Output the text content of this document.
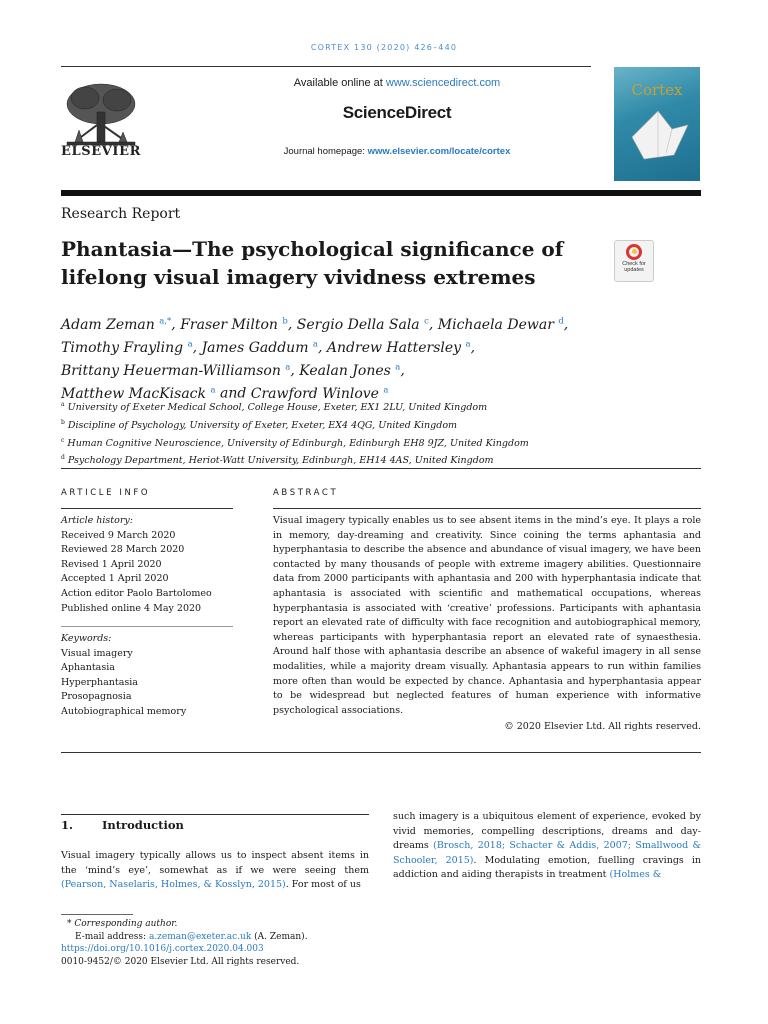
CORTEX 130 (2020) 426–440
ELSEVIER
Available online at www.sciencedirect.com
ScienceDirect
Journal homepage: www.elsevier.com/locate/cortex
Cortex
Research Report
Phantasia—The psychological significance of
lifelong visual imagery vividness extremes
Check for
updates
Adam Zeman $^{a,*}$, Fraser Milton $^b$, Sergio Della Sala $^c$, Michaela Dewar $^d$,
Timothy Frayling $^a$, James Gaddum $^a$, Andrew Hattersley $^a$,
Brittany Heuerman-Williamson $^a$, Kealan Jones $^a$,
Matthew MacKisack $^a$ and Crawford Winlove $^a$
$^a$ University of Exeter Medical School, College House, Exeter, EX1 2LU, United Kingdom
$^b$ Discipline of Psychology, University of Exeter, Exeter, EX4 4QG, United Kingdom
$^c$ Human Cognitive Neuroscience, University of Edinburgh, Edinburgh EH8 9JZ, United Kingdom
$^d$ Psychology Department, Heriot-Watt University, Edinburgh, EH14 4AS, United Kingdom
ARTICLE INFO	ABSTRACT
Article history:
Received 9 March 2020
Reviewed 28 March 2020
Revised 1 April 2020
Accepted 1 April 2020
Action editor Paolo Bartolomeo
Published online 4 May 2020
Keywords:
Visual imagery
Aphantasia
Hyperphantasia
Prosopagnosia
Autobiographical memory
Visual imagery typically enables us to see absent items in the mind’s eye. It plays a role in memory, day-dreaming and creativity. Since coining the terms aphantasia and hyperphantasia to describe the absence and abundance of visual imagery, we have been contacted by many thousands of people with extreme imagery abilities. Questionnaire data from 2000 participants with aphantasia and 200 with hyperphantasia indicate that aphantasia is associated with scientific and mathematical occupations, whereas hyperphantasia is associated with ‘creative’ professions. Participants with aphantasia report an elevated rate of difficulty with face recognition and autobiographical memory, whereas participants with hyperphantasia report an elevated rate of synaesthesia. Around half those with aphantasia describe an absence of wakeful imagery in all sense modalities, while a majority dream visually. Aphantasia appears to run within families more often than would be expected by chance. Aphantasia and hyperphantasia appear to be widespread but neglected features of human experience with informative psychological associations.
© 2020 Elsevier Ltd. All rights reserved.
1.	Introduction
Visual imagery typically allows us to inspect absent items in the ‘mind’s eye’, somewhat as if we were seeing them (Pearson, Naselaris, Holmes, & Kosslyn, 2015). For most of us
such imagery is a ubiquitous element of experience, evoked by vivid memories, compelling descriptions, dreams and day-dreams (Brosch, 2018; Schacter & Addis, 2007; Smallwood & Schooler, 2015). Modulating emotion, fuelling cravings in addiction and aiding therapists in treatment (Holmes &
* Corresponding author.
E-mail address: a.zeman@exeter.ac.uk (A. Zeman).
https://doi.org/10.1016/j.cortex.2020.04.003
0010-9452/© 2020 Elsevier Ltd. All rights reserved.
